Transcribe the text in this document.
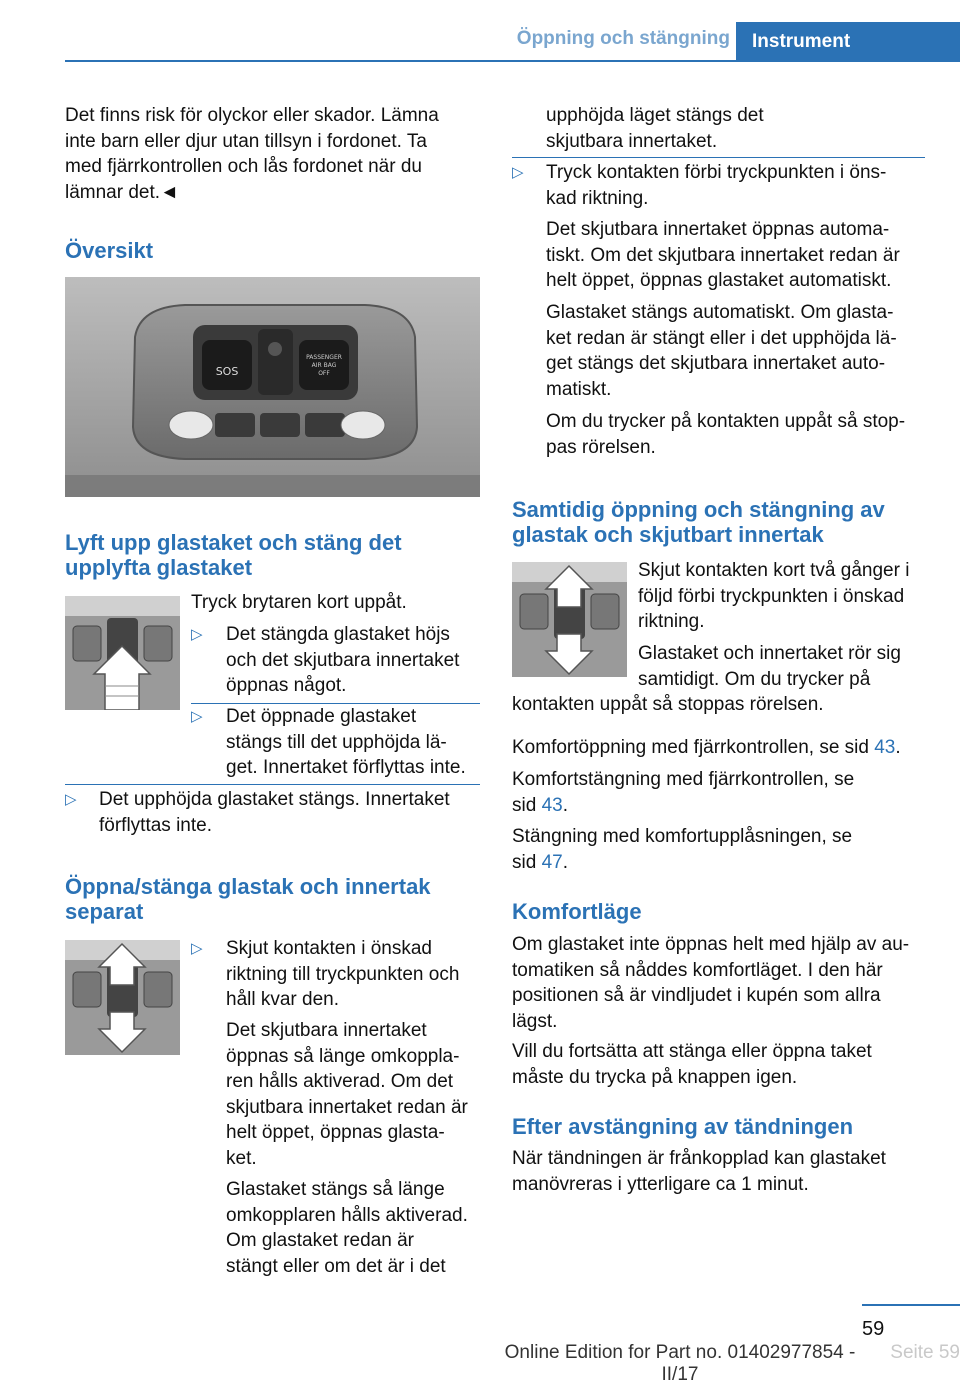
Öppning och stängning	Instrument

Det finns risk för olyckor eller skador. Lämna
inte barn eller djur utan tillsyn i fordonet. Ta
med fjärrkontrollen och lås fordonet när du
lämnar det.◄

Översikt
SOS
PASSENGER
AIR BAG
OFF
Lyft upp glastaket och stäng det
upplyfta glastaket

Tryck brytaren kort uppåt.

▷ Det stängda glastaket höjs
och det skjutbara innertaket
öppnas något.

▷ Det öppnade glastaket
stängs till det upphöjda lä-
get. Innertaket förflyttas inte.

▷ Det upphöjda glastaket stängs. Innertaket
förflyttas inte.

Öppna/stänga glastak och innertak
separat
▷ Skjut kontakten i önskad
riktning till tryckpunkten och
håll kvar den.

Det skjutbara innertaket
öppnas så länge omkoppla-
ren hålls aktiverad. Om det
skjutbara innertaket redan är
helt öppet, öppnas glasta-
ket.

Glastaket stängs så länge
omkopplaren hålls aktiverad.
Om glastaket redan är
stängt eller om det är i det

upphöjda läget stängs det
skjutbara innertaket.

▷ Tryck kontakten förbi tryckpunkten i öns-
kad riktning.

Det skjutbara innertaket öppnas automa-
tiskt. Om det skjutbara innertaket redan är
helt öppet, öppnas glastaket automatiskt.

Glastaket stängs automatiskt. Om glasta-
ket redan är stängt eller i det upphöjda lä-
get stängs det skjutbara innertaket auto-
matiskt.

Om du trycker på kontakten uppåt så stop-
pas rörelsen.

Samtidig öppning och stängning av
glastak och skjutbart innertak

Skjut kontakten kort två gånger i
följd förbi tryckpunkten i önskad
riktning.

Glastaket och innertaket rör sig
samtidigt. Om du trycker på

kontakten uppåt så stoppas rörelsen.

Komfortöppning med fjärrkontrollen, se sid 43.

Komfortstängning med fjärrkontrollen, se
sid 43.

Stängning med komfortupplåsningen, se
sid 47.

Komfortläge

Om glastaket inte öppnas helt med hjälp av au-
tomatiken så nåddes komfortläget. I den här
positionen så är vindljudet i kupén som allra
lägst.

Vill du fortsätta att stänga eller öppna taket
måste du trycka på knappen igen.

Efter avstängning av tändningen

När tändningen är frånkopplad kan glastaket
manövreras i ytterligare ca 1 minut.

59
Seite 59
Online Edition for Part no. 01402977854 - II/17
